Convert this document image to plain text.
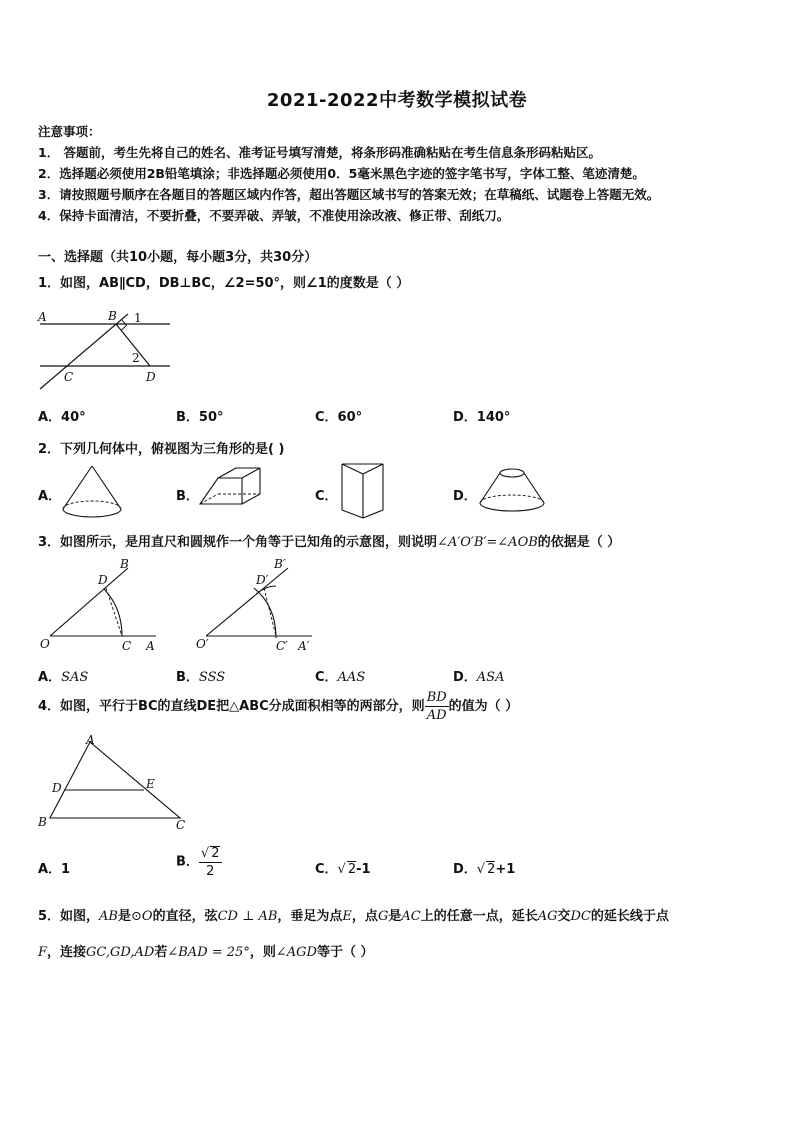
2021-2022中考数学模拟试卷
注意事项：
1． 答题前，考生先将自己的姓名、准考证号填写清楚，将条形码准确粘贴在考生信息条形码粘贴区。
2．选择题必须使用2B铅笔填涂；非选择题必须使用0．5毫米黑色字迹的签字笔书写，字体工整、笔迹清楚。
3．请按照题号顺序在各题目的答题区域内作答，超出答题区域书写的答案无效；在草稿纸、试题卷上答题无效。
4．保持卡面清洁，不要折叠，不要弄破、弄皱，不准使用涂改液、修正带、刮纸刀。
一、选择题（共10小题，每小题3分，共30分）
1．如图，AB∥CD，DB⊥BC，∠2=50°，则∠1的度数是（ ）
A	B 1
2
C	D
A．40°	B．50°	C．60°	D．140°
2．下列几何体中，俯视图为三角形的是( )
A．	B．	C．	D．
3．如图所示，是用直尺和圆规作一个角等于已知角的示意图，则说明∠A′O′B′=∠AOB的依据是（ ）
O
B
D
C A	O′
B′
D′
C′ A′
A．SAS	B．SSS	C．AAS	D．ASA
4．如图，平行于BC的直线DE把△ABC分成面积相等的两部分，则 $\frac{BD}{AD}$ 的值为（ ）
A
D	E
B	C
A．1	B． $\frac{√ 2}{2}$	C．√ 2-1	D．√ 2+1
5．如图，AB是⊙O的直径，弦CD ⊥ AB，垂足为点E，点G是AC上的任意一点，延长AG交DC的延长线于点
F，连接GC,GD,AD若∠BAD = 25°，则∠AGD等于（ ）
